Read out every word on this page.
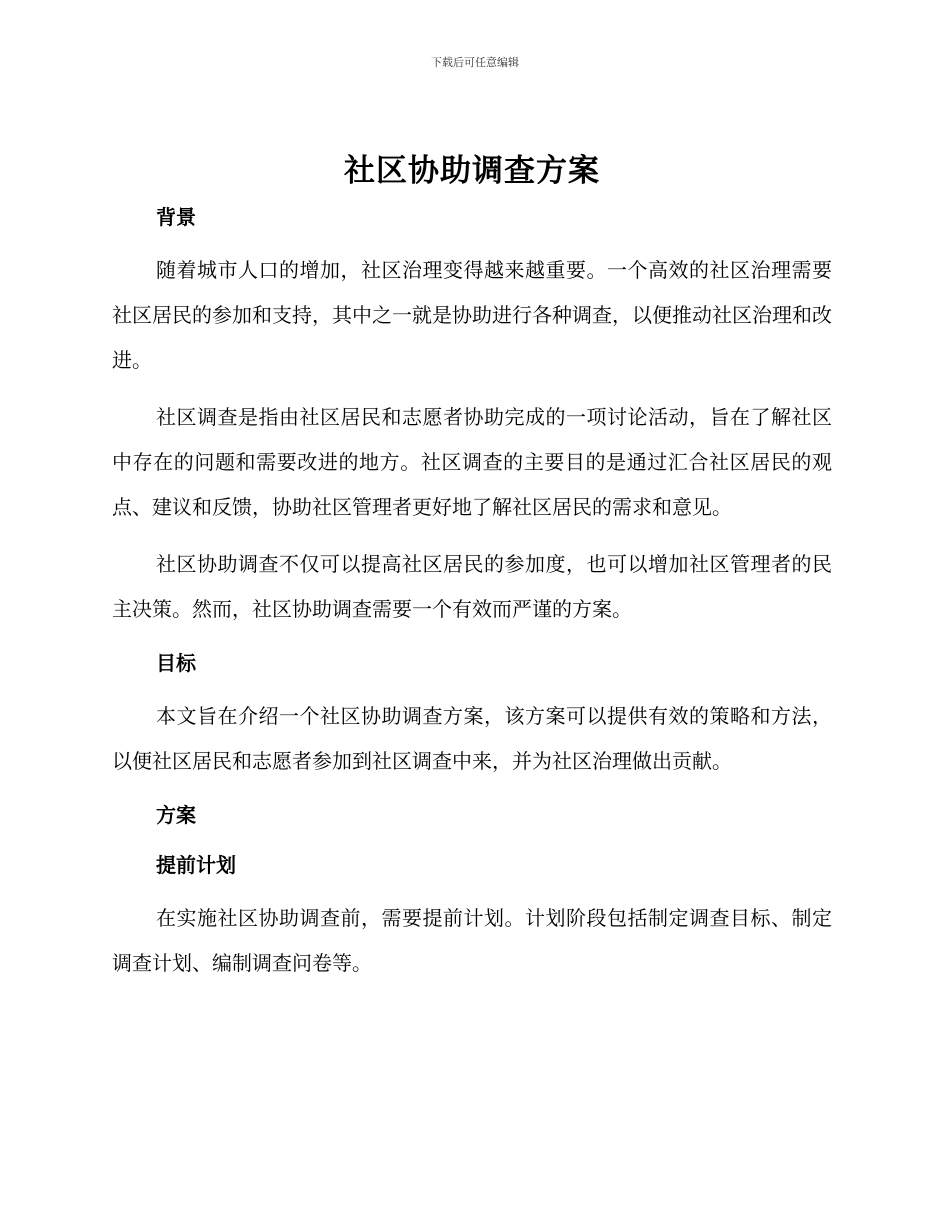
下载后可任意编辑
社区协助调查方案
背景

随着城市人口的增加，社区治理变得越来越重要。一个高效的社区治理需要社区居民的参加和支持，其中之一就是协助进行各种调查，以便推动社区治理和改进。

社区调查是指由社区居民和志愿者协助完成的一项讨论活动，旨在了解社区中存在的问题和需要改进的地方。社区调查的主要目的是通过汇合社区居民的观点、建议和反馈，协助社区管理者更好地了解社区居民的需求和意见。

社区协助调查不仅可以提高社区居民的参加度，也可以增加社区管理者的民主决策。然而，社区协助调查需要一个有效而严谨的方案。

目标

本文旨在介绍一个社区协助调查方案，该方案可以提供有效的策略和方法，以便社区居民和志愿者参加到社区调查中来，并为社区治理做出贡献。

方案
提前计划

在实施社区协助调查前，需要提前计划。计划阶段包括制定调查目标、制定调查计划、编制调查问卷等。
